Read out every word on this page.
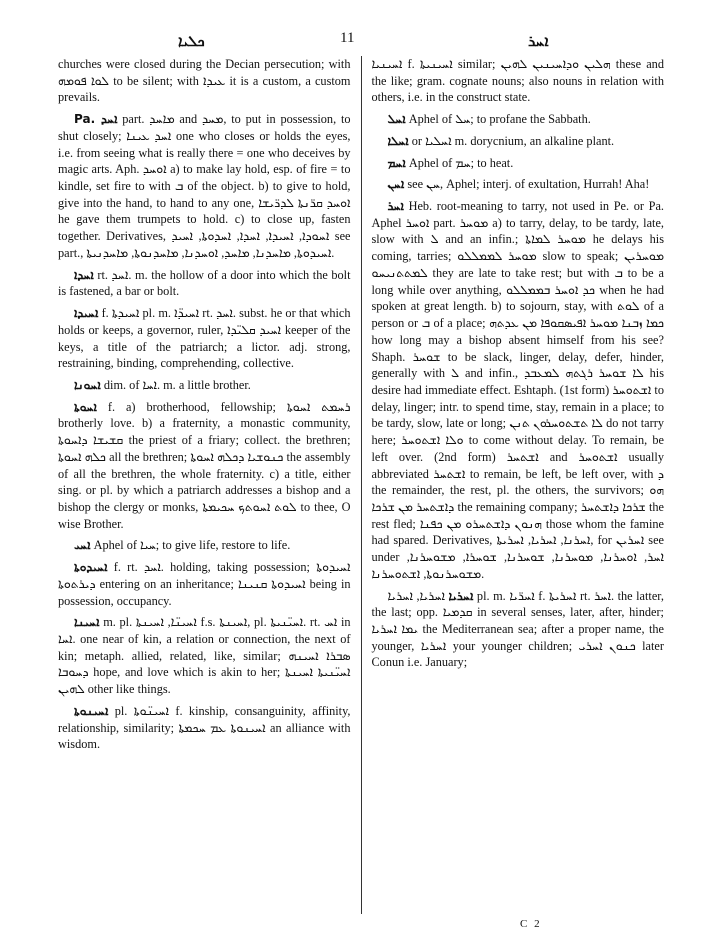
ܟܠܝܐ	11	ܐܚܪ

churches were closed during the Decian persecution; with ܠܘܐ ܦܘܡܗ to be silent; with ܥܝܕܐ it is a custom, a custom prevails.

Pa. ܐܚܕ part. ܡܐܚܕ and ܡܚܕ, to put in possession, to shut closely; ܐܚܕ ܥܝܢܐ one who closes or holds the eyes, i.e. from seeing what is really there = one who deceives by magic arts. Aph. ܐܘܚܕ a) to make lay hold, esp. of fire = to kindle, set fire to with ܒ of the object. b) to give to hold, give into the hand, to hand to any one, ܐܘܚܕ ܩܪ̈ܢܬܐ ܠܕܪ̈ܝܫܐ he gave them trumpets to hold. c) to close up, fasten together. Derivatives, ܐܚܘܕܐ, ܐܚܝܕܐ, ܐܚܕܐ, ܐܚܕܘܬܐ, ܐܚܝܕ see part., ܐܚܝܕܘܬܐ, ܡܐܚܕܢܐ, ܡܐܚܕ, ܐܘܚܕܢܐ, ܡܐܚܕܢܘܬܐ, ܡܐܚܕܢܝܬܐ.

ܐܚܕܐ rt. ܐܚܕ. m. the hollow of a door into which the bolt is fastened, a bar or bolt.

ܐܚܝܕܐ f. ܐܚܝܕܬܐ pl. m. ܐܚܝܕ̈ܐ rt. ܐܚܕ. subst. he or that which holds or keeps, a governor, ruler, ܐܚܝܕ ܩܠܝ̈ܕܐ keeper of the keys, a title of the patriarch; a lictor. adj. strong, restraining, binding, comprehending, collective.

ܐܚܘܢܐ dim. of ܐܚܐ. m. a little brother.

ܐܚܘܬܐ f. a) brotherhood, fellowship; ܪܚܡܬ ܐܚܘܬܐ brotherly love. b) a fraternity, a monastic community, ܩܫܝܫܐ ܕܐܚܘܬܐ the priest of a friary; collect. the brethren; ܟܠܗ ܐܚܘܬܐ all the brethren; ܟܢܘܫܝܐ ܕܟܠܗ ܐܚܘܬܐ the assembly of all the brethren, the whole fraternity. c) a title, either sing. or pl. by which a patriarch addresses a bishop and a bishop the clergy or monks, ܠܘܬ ܐܚܘܬܟ ܚܟܝܡܬܐ to thee, O wise Brother.

ܐܚܝ Aphel of ܚܝܐ; to give life, restore to life.

ܐܚܝܕܘܬܐ f. rt. ܐܚܕ. holding, taking possession; ܐܚܝܕܘܬܐ ܕܝܪܬܘܬܐ entering on an inheritance; ܐܚܝܕܘܬܐ ܩܢܝܢܐ being in possession, occupancy.

ܐܚܝܢܐ m. pl. ܐܚܝܢ̈ܐ, ܐܚܝܢܬܐ f.s. ܐܚܝܢܬܐ, pl. ܐܚܝ̈ܢܝܬܐ. rt. ܐܚ in ܐܚܐ. one near of kin, a relation or connection, the next of kin; metaph. allied, related, like, similar; ܣܒܪܐ ܐܚܝܢܗ ܕܚܘܒܐ hope, and love which is akin to her; ܐܚܝ̈ܢܝܬܐ ܐܚܝܢܬܐ ܠܗܝܢ other like things.

ܐܚܝܢܘܬܐ pl. ܐܚܝܢ̈ܘܬܐ f. kinship, consanguinity, affinity, relationship, similarity; ܐܚܝܢܘܬܐ ܥܡ ܚܟܡܬܐ an alliance with wisdom.

ܐܚܝܢܝܐ f. ܐܚܝܢܝܬܐ similar; ܗܠܝܢ ܘܕܐܚܝܢܝܢ ܠܗܝܢ these and the like; gram. cognate nouns; also nouns in relation with others, i.e. in the construct state.

ܐܚܠ Aphel of ܚܠ; to profane the Sabbath.

ܐܚܠܐ or ܐܚܠܝܐ m. dorycnium, an alkaline plant.

ܐܚܡ Aphel of ܚܡ; to heat.

ܐܚܢ see ܚܢ, Aphel; interj. of exultation, Hurrah! Aha!

ܐܚܪ Heb. root-meaning to tarry, not used in Pe. or Pa. Aphel ܐܘܚܪ part. ܡܘܚܪ a) to tarry, delay, to be tardy, late, slow with ܠ and an infin.; ܡܘܚܪ ܠܡܐܬܐ he delays his coming, tarries; ܡܘܚܪ ܠܡܡܠܠܘ slow to speak; ܡܘܚܪܝܢ ܠܡܬܬܢܝܚܘ they are late to take rest; but with ܒ to be a long while over anything, ܟܕ ܐܘܚܪ ܒܡܡܠܠܘ when he had spoken at great length. b) to sojourn, stay, with ܠܘܬ of a person or ܒ of a place; ܟܡܐ ܙܒܢܐ ܡܘܚܪ ܐܦܝܣܩܘܦܐ ܡܢ ܥܕܬܗ how long may a bishop absent himself from his see? Shaph. ܫܘܚܪ to be slack, linger, delay, defer, hinder, generally with ܠ and infin., ܠܐ ܫܘܚܪ ܪܓܬܗ ܠܡܥܒܕ his desire had immediate effect. Eshtaph. (1st form) ܐܫܬܘܚܪ to delay, linger; intr. to spend time, stay, remain in a place; to be tardy, slow, late or long; ܠܐ ܬܫܬܘܚܪܘܢ ܬܢܢ do not tarry here; ܘܠܐ ܐܫܬܘܚܪ to come without delay. To remain, be left over. (2nd form) ܐܫܬܚܪ and ܐܫܬܘܚܪ usually abbreviated ܐܫܬܚܪ to remain, be left, be left over, with ܕ the remainder, the rest, pl. the others, the survivors; ܗܘ ܕܐܫܬܚܪ ܡܢ ܫܪܟܐ the remaining company; ܫܪܟܐ ܕܐܫܬܚܪ the rest fled; ܗܢܘܢ ܕܐܫܬܚܪܘ ܡܢ ܟܦܢܐ those whom the famine had spared. Derivatives, ܐܚܪܢܐ, ܐܚܪܝܐ, ܐܚܪܝܬܐ, for ܐܚܪܝܢ see under ܐܚܪ, ܐܘܚܪܢܐ, ܡܘܚܪܢܐ, ܫܘܚܪܢܐ, ܫܘܚܪܐ, ܡܫܘܚܪܢܐ, ܡܫܘܚܪܢܘܬܐ, ܐܫܬܘܚܪܢܐ.

ܐܚܪܝܐ ܐܚܪܝܐ, ܐܚܪܝܐ pl. m. ܐܚܪ̈ܝܐ f. ܐܚܪܝܬܐ rt. ܐܚܪ. the latter, the last; opp. ܩܕܡܝܐ in several senses, later, after, hinder; ܝܡܐ ܐܚܪܝܐ the Mediterranean sea; after a proper name, the younger, ܐܚܪܝܐ your younger children; ܟܢܘܢ ܐܚܪܝ later Conun i.e. January;

C 2
